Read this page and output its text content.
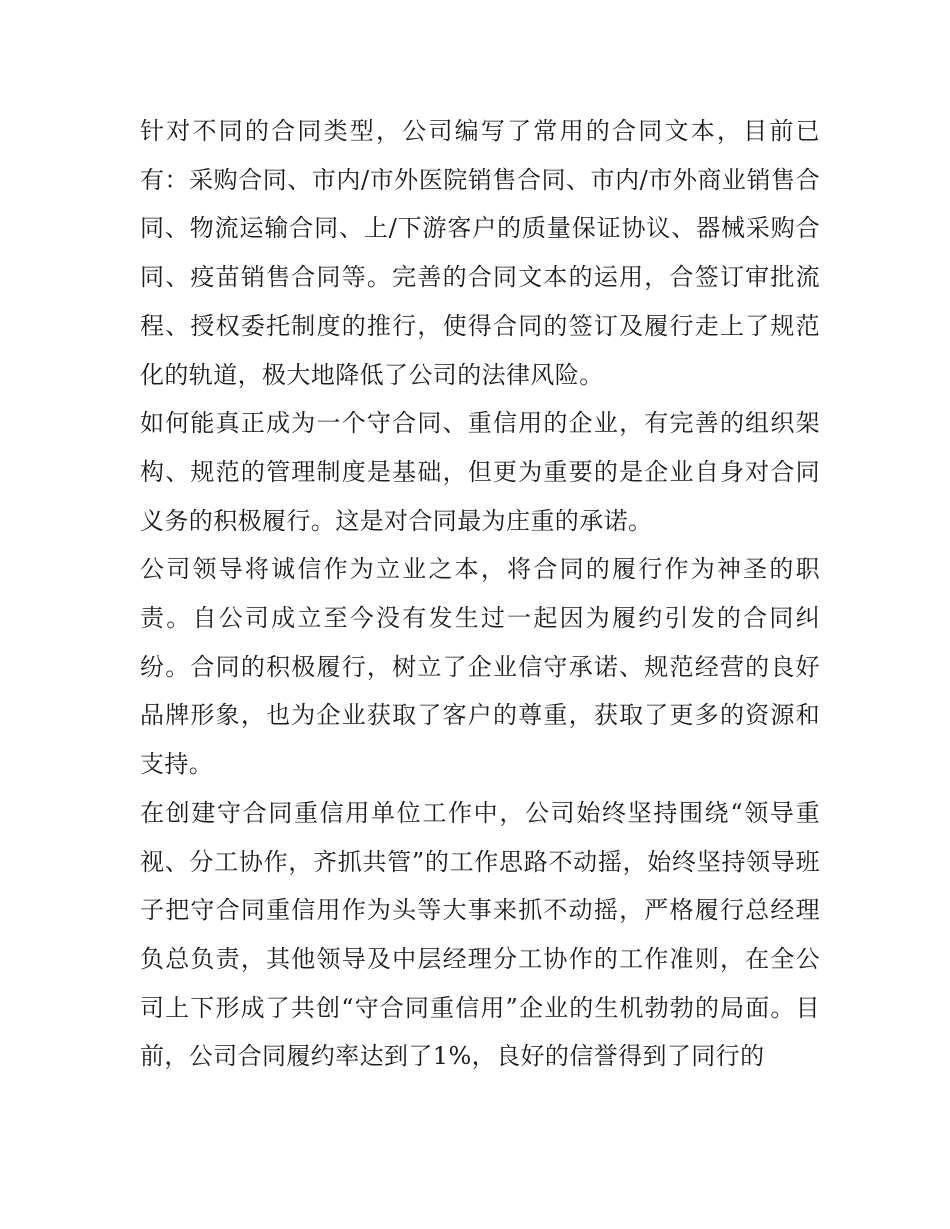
针对不同的合同类型，公司编写了常用的合同文本，目前已有：采购合同、市内/市外医院销售合同、市内/市外商业销售合同、物流运输合同、上/下游客户的质量保证协议、器械采购合同、疫苗销售合同等。完善的合同文本的运用，合签订审批流程、授权委托制度的推行，使得合同的签订及履行走上了规范化的轨道，极大地降低了公司的法律风险。

如何能真正成为一个守合同、重信用的企业，有完善的组织架构、规范的管理制度是基础，但更为重要的是企业自身对合同义务的积极履行。这是对合同最为庄重的承诺。

公司领导将诚信作为立业之本，将合同的履行作为神圣的职责。自公司成立至今没有发生过一起因为履约引发的合同纠纷。合同的积极履行，树立了企业信守承诺、规范经营的良好品牌形象，也为企业获取了客户的尊重，获取了更多的资源和支持。

在创建守合同重信用单位工作中，公司始终坚持围绕“领导重视、分工协作，齐抓共管”的工作思路不动摇，始终坚持领导班子把守合同重信用作为头等大事来抓不动摇，严格履行总经理负总负责，其他领导及中层经理分工协作的工作准则，在全公司上下形成了共创“守合同重信用”企业的生机勃勃的局面。目前，公司合同履约率达到了1%，良好的信誉得到了同行的
